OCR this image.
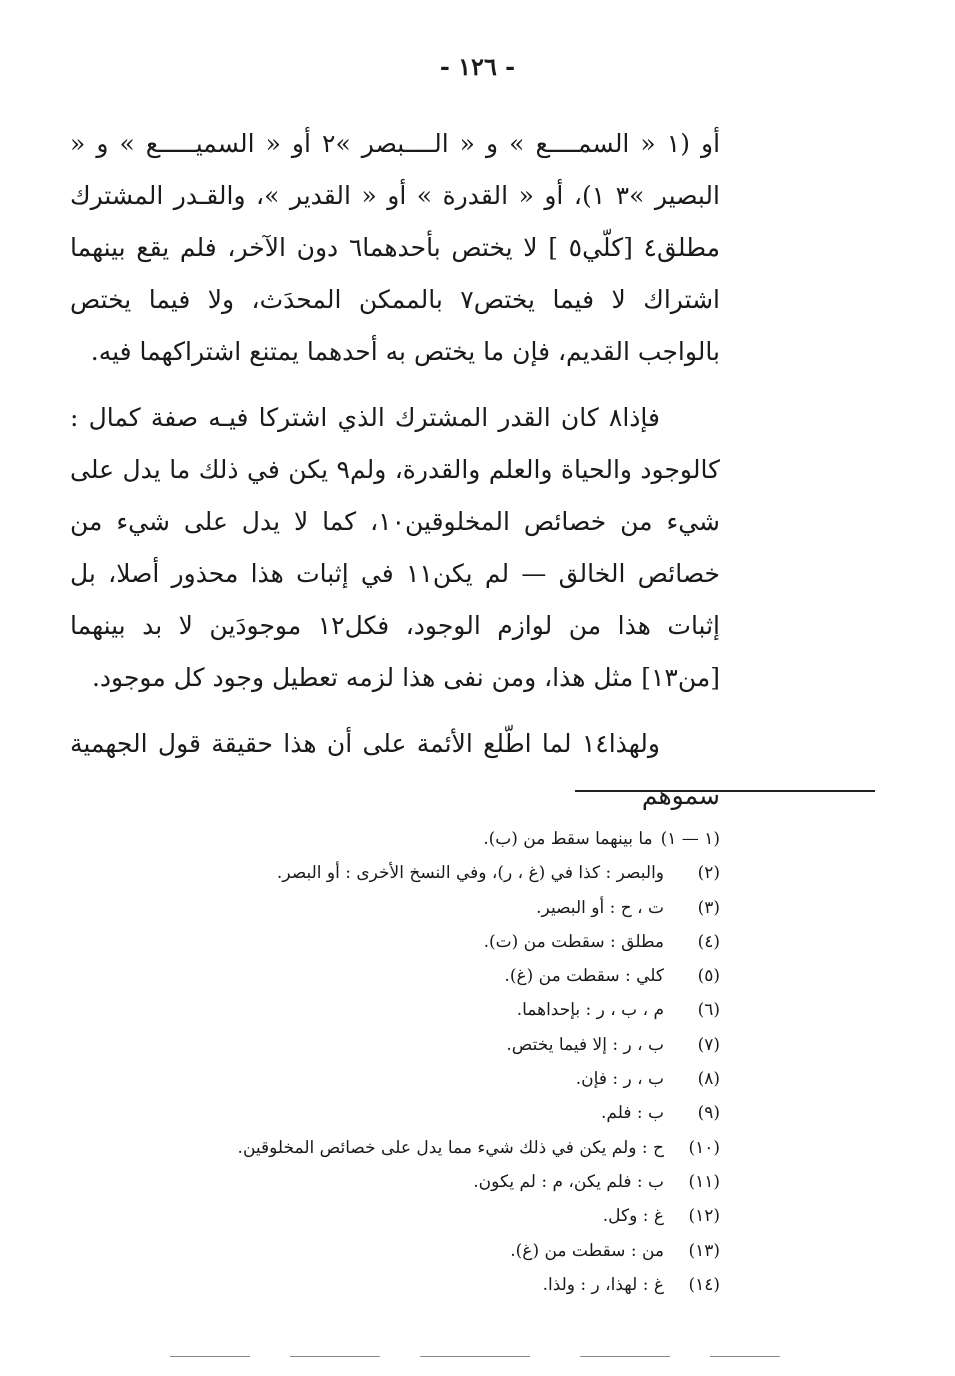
- ١٢٦ -

أو (١ « السمــــع » و « الــــبصر »٢ أو « السميـــــع » و « البصير »٣ ١)، أو « القدرة » أو « القدير »، والقـدر المشترك مطلق٤ [كلّي٥ ] لا يختص بأحدهما٦ دون الآخر، فلم يقع بينهما اشتراك لا فيما يختص٧ بالممكن المحدَث، ولا فيما يختص بالواجب القديم، فإن ما يختص به أحدهما يمتنع اشتراكهما فيه.

فإذا٨ كان القدر المشترك الذي اشتركا فيـه صفة كمال : كالوجود والحياة والعلم والقدرة، ولم٩ يكن في ذلك ما يدل على شيء من خصائص المخلوقين١٠، كما لا يدل على شيء من خصائص الخالق — لم يكن١١ في إثبات هذا محذور أصلا، بل إثبات هذا من لوازم الوجود، فكل١٢ موجودَين لا بد بينهما [من١٣] مثل هذا، ومن نفى هذا لزمه تعطيل وجود كل موجود.

ولهذا١٤ لما اطّلع الأئمة على أن هذا حقيقة قول الجهمية سموهم

(١ — ١)
ما بينهما سقط من (ب).
(٢)
والبصر : كذا في (غ ، ر)، وفي النسخ الأخرى : أو البصر.
(٣)
ت ، ح : أو البصير.
(٤)
مطلق : سقطت من (ت).
(٥)
كلي : سقطت من (غ).
(٦)
م ، ب ، ر : بإحداهما.
(٧)
ب ، ر : إلا فيما يختص.
(٨)
ب ، ر : فإن.
(٩)
ب : فلم.
(١٠)
ح : ولم يكن في ذلك شيء مما يدل على خصائص المخلوقين.
(١١)
ب : فلم يكن، م : لم يكون.
(١٢)
غ : وكل.
(١٣)
من : سقطت من (غ).
(١٤)
غ : لهذا، ر : ولذا.
